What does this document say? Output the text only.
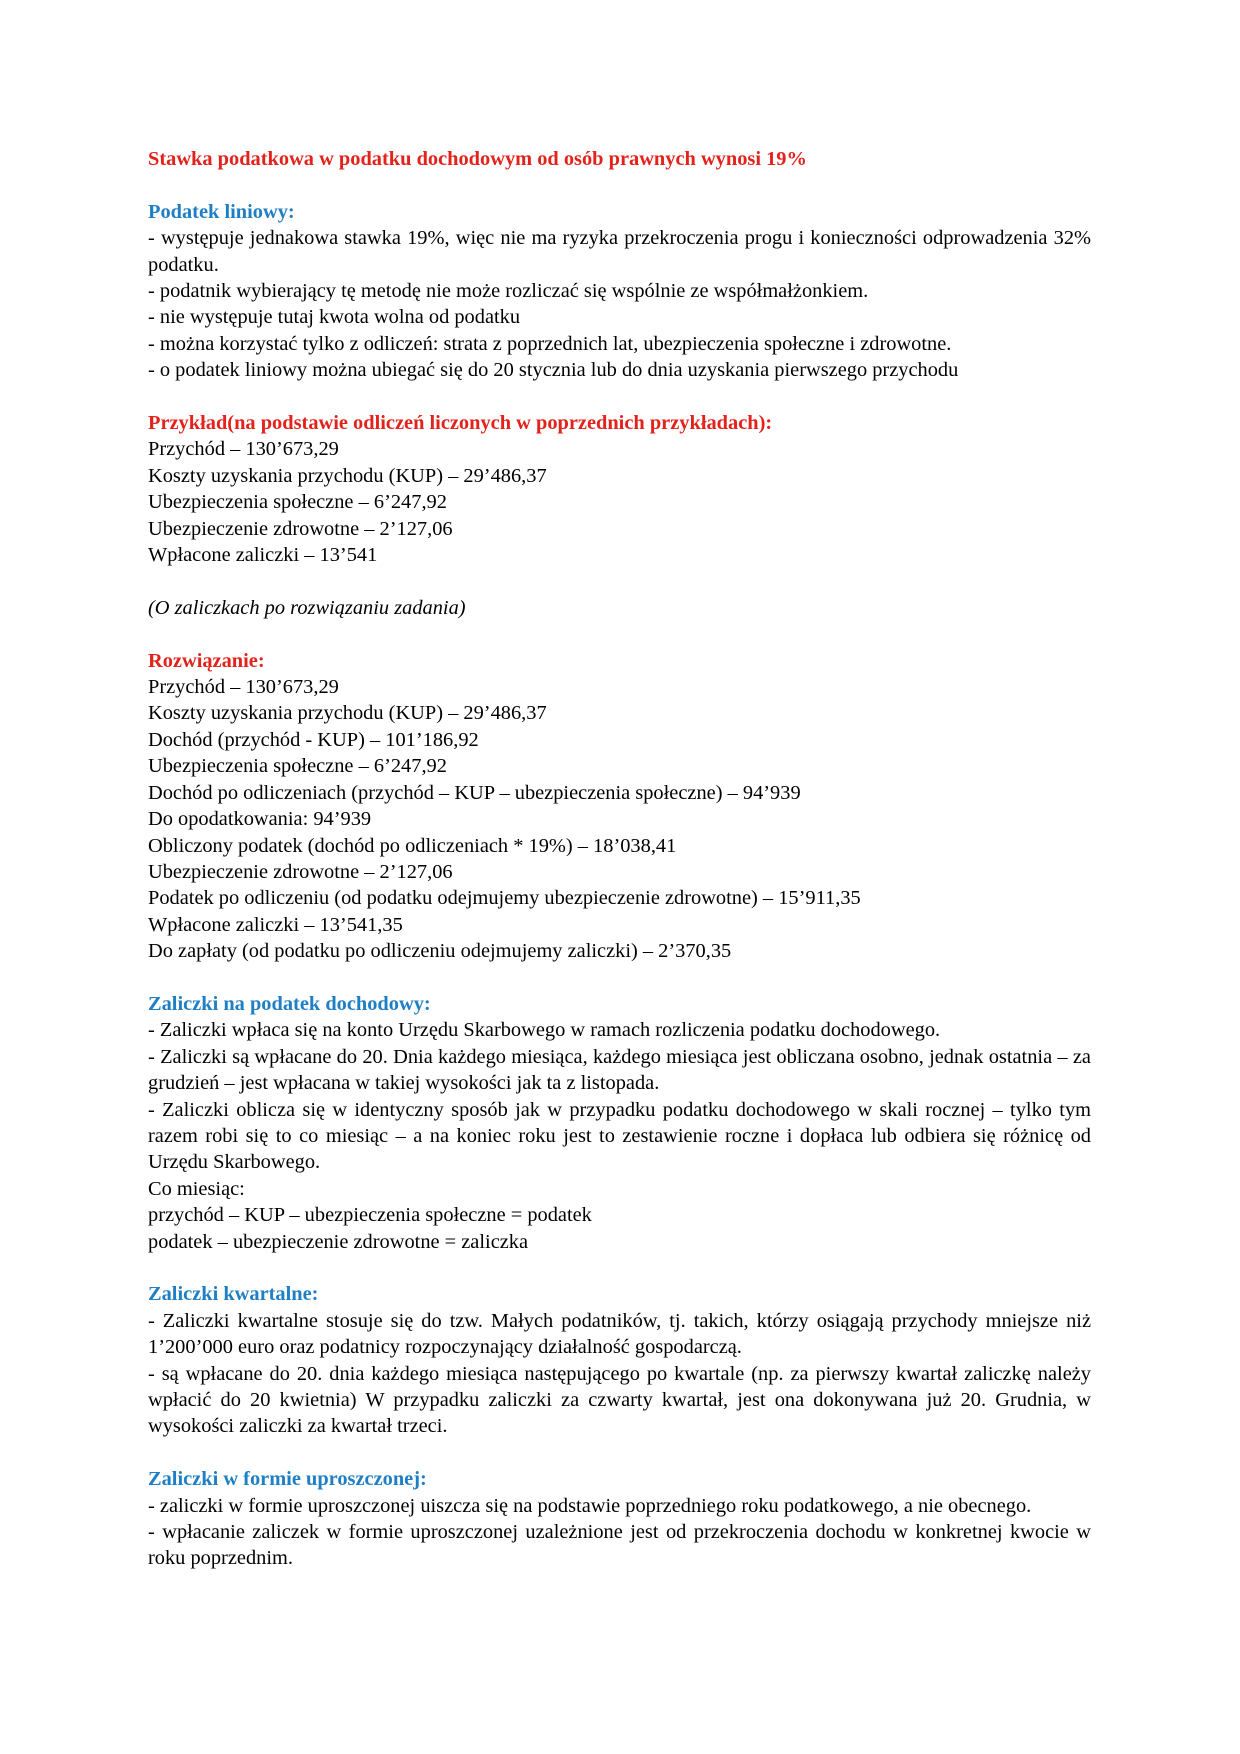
Stawka podatkowa w podatku dochodowym od osób prawnych wynosi 19%

Podatek liniowy:

- występuje jednakowa stawka 19%, więc nie ma ryzyka przekroczenia progu i konieczności odprowadzenia 32% podatku.

- podatnik wybierający tę metodę nie może rozliczać się wspólnie ze współmałżonkiem.

- nie występuje tutaj kwota wolna od podatku

- można korzystać tylko z odliczeń: strata z poprzednich lat, ubezpieczenia społeczne i zdrowotne.

- o podatek liniowy można ubiegać się do 20 stycznia lub do dnia uzyskania pierwszego przychodu

Przykład(na podstawie odliczeń liczonych w poprzednich przykładach):

Przychód – 130’673,29

Koszty uzyskania przychodu (KUP) – 29’486,37

Ubezpieczenia społeczne – 6’247,92

Ubezpieczenie zdrowotne – 2’127,06

Wpłacone zaliczki – 13’541

(O zaliczkach po rozwiązaniu zadania)

Rozwiązanie:

Przychód – 130’673,29

Koszty uzyskania przychodu (KUP) – 29’486,37

Dochód (przychód - KUP) – 101’186,92

Ubezpieczenia społeczne – 6’247,92

Dochód po odliczeniach (przychód – KUP – ubezpieczenia społeczne) – 94’939

Do opodatkowania: 94’939

Obliczony podatek (dochód po odliczeniach * 19%) – 18’038,41

Ubezpieczenie zdrowotne – 2’127,06

Podatek po odliczeniu (od podatku odejmujemy ubezpieczenie zdrowotne) – 15’911,35

Wpłacone zaliczki – 13’541,35

Do zapłaty (od podatku po odliczeniu odejmujemy zaliczki) – 2’370,35

Zaliczki na podatek dochodowy:

- Zaliczki wpłaca się na konto Urzędu Skarbowego w ramach rozliczenia podatku dochodowego.

- Zaliczki są wpłacane do 20. Dnia każdego miesiąca, każdego miesiąca jest obliczana osobno, jednak ostatnia – za grudzień – jest wpłacana w takiej wysokości jak ta z listopada.

- Zaliczki oblicza się w identyczny sposób jak w przypadku podatku dochodowego w skali rocznej – tylko tym razem robi się to co miesiąc – a na koniec roku jest to zestawienie roczne i dopłaca lub odbiera się różnicę od Urzędu Skarbowego.

Co miesiąc:

przychód – KUP – ubezpieczenia społeczne = podatek

podatek – ubezpieczenie zdrowotne = zaliczka

Zaliczki kwartalne:

- Zaliczki kwartalne stosuje się do tzw. Małych podatników, tj. takich, którzy osiągają przychody mniejsze niż 1’200’000 euro oraz podatnicy rozpoczynający działalność gospodarczą.

- są wpłacane do 20. dnia każdego miesiąca następującego po kwartale (np. za pierwszy kwartał zaliczkę należy wpłacić do 20 kwietnia) W przypadku zaliczki za czwarty kwartał, jest ona dokonywana już 20. Grudnia, w wysokości zaliczki za kwartał trzeci.

Zaliczki w formie uproszczonej:

- zaliczki w formie uproszczonej uiszcza się na podstawie poprzedniego roku podatkowego, a nie obecnego.

- wpłacanie zaliczek w formie uproszczonej uzależnione jest od przekroczenia dochodu w konkretnej kwocie w roku poprzednim.
